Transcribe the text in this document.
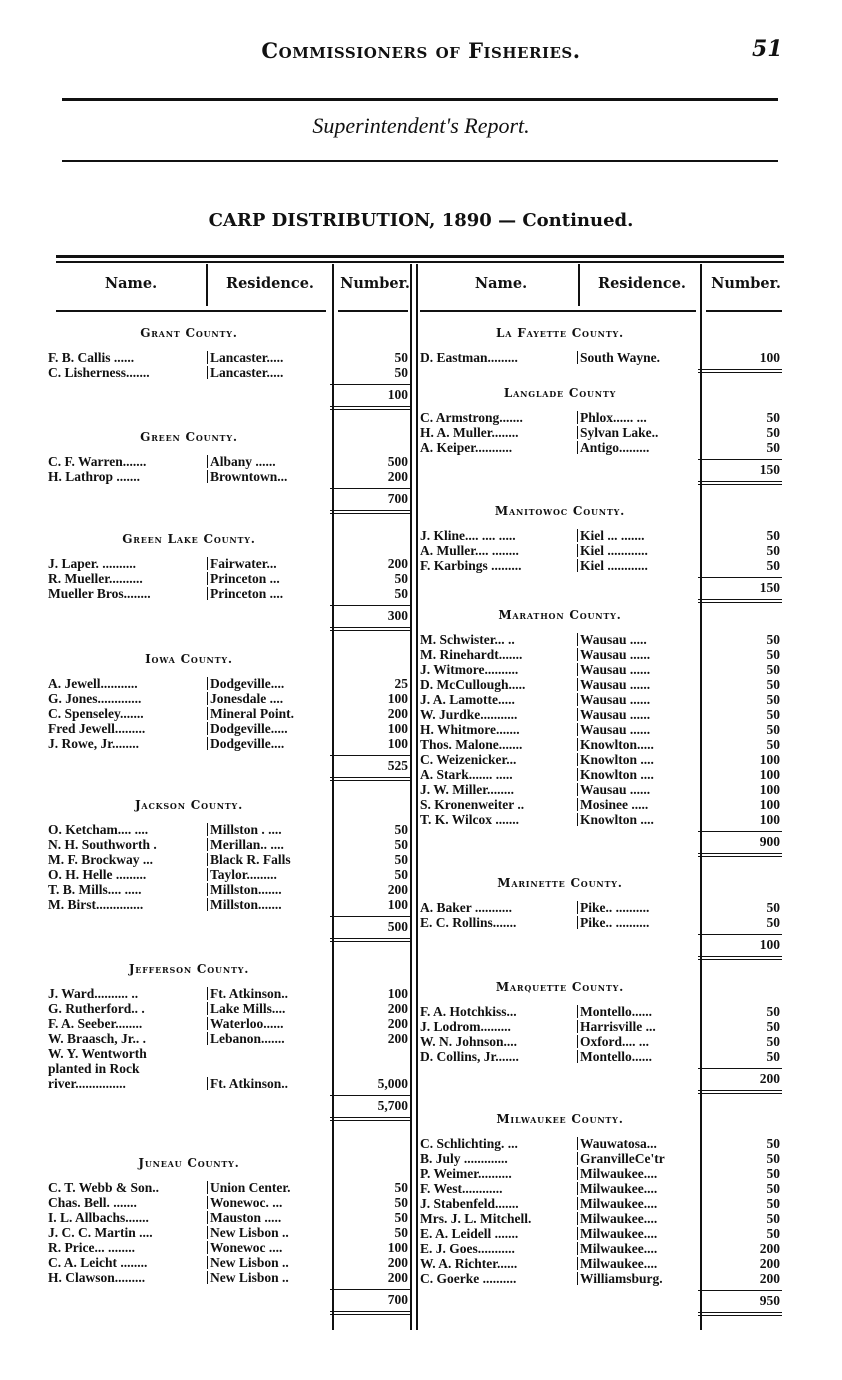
Commissioners of Fisheries.	51
Superintendent's Report.
CARP DISTRIBUTION, 1890 — Continued.
Name.	Residence.	Number.	Name.	Residence.	Number.
Grant County.
F. B. Callis ......	Lancaster.....	50
C. Lisherness.......	Lancaster.....	50
100
Green County.
C. F. Warren.......	Albany ......	500
H. Lathrop .......	Browntown...	200
700
Green Lake County.
J. Laper. ..........	Fairwater...	200
R. Mueller..........	Princeton ...	50
Mueller Bros........	Princeton ....	50
300
Iowa County.
A. Jewell...........	Dodgeville....	25
G. Jones.............	Jonesdale ....	100
C. Spenseley.......	Mineral Point.	200
Fred Jewell.........	Dodgeville.....	100
J. Rowe, Jr........	Dodgeville....	100
525
Jackson County.
O. Ketcham.... ....	Millston . ....	50
N. H. Southworth .	Merillan.. ....	50
M. F. Brockway ...	Black R. Falls	50
O. H. Helle .........	Taylor.........	50
T. B. Mills.... .....	Millston.......	200
M. Birst..............	Millston.......	100
500
Jefferson County.
J. Ward.......... ..	Ft. Atkinson..	100
G. Rutherford.. .	Lake Mills....	200
F. A. Seeber........	Waterloo......	200
W. Braasch, Jr.. .	Lebanon.......	200
W. Y. Wentworth
planted in Rock
river...............	Ft. Atkinson..	5,000
5,700
Juneau County.
C. T. Webb & Son..	Union Center.	50
Chas. Bell. .......	Wonewoc. ...	50
I. L. Allbachs.......	Mauston .....	50
J. C. C. Martin ....	New Lisbon ..	50
R. Price... ........	Wonewoc ....	100
C. A. Leicht ........	New Lisbon ..	200
H. Clawson.........	New Lisbon ..	200
700
La Fayette County.
D. Eastman.........	South Wayne.	100
Langlade County
C. Armstrong.......	Phlox...... ...	50
H. A. Muller........	Sylvan Lake..	50
A. Keiper...........	Antigo.........	50
150
Manitowoc County.
J. Kline.... .... .....	Kiel ... .......	50
A. Muller.... ........	Kiel ............	50
F. Karbings .........	Kiel ............	50
150
Marathon County.
M. Schwister... ..	Wausau .....	50
M. Rinehardt.......	Wausau ......	50
J. Witmore..........	Wausau ......	50
D. McCullough.....	Wausau ......	50
J. A. Lamotte.....	Wausau ......	50
W. Jurdke...........	Wausau ......	50
H. Whitmore.......	Wausau ......	50
Thos. Malone.......	Knowlton.....	50
C. Weizenicker...	Knowlton ....	100
A. Stark....... .....	Knowlton ....	100
J. W. Miller........	Wausau ......	100
S. Kronenweiter ..	Mosinee .....	100
T. K. Wilcox .......	Knowlton ....	100
900
Marinette County.
A. Baker ...........	Pike.. ..........	50
E. C. Rollins.......	Pike.. ..........	50
100
Marquette County.
F. A. Hotchkiss...	Montello......	50
J. Lodrom.........	Harrisville ...	50
W. N. Johnson....	Oxford.... ...	50
D. Collins, Jr.......	Montello......	50
200
Milwaukee County.
C. Schlichting. ...	Wauwatosa...	50
B. July .............	GranvilleCe'tr	50
P. Weimer..........	Milwaukee....	50
F. West............	Milwaukee....	50
J. Stabenfeld.......	Milwaukee....	50
Mrs. J. L. Mitchell.	Milwaukee....	50
E. A. Leidell .......	Milwaukee....	50
E. J. Goes...........	Milwaukee....	200
W. A. Richter......	Milwaukee....	200
C. Goerke ..........	Williamsburg.	200
950
